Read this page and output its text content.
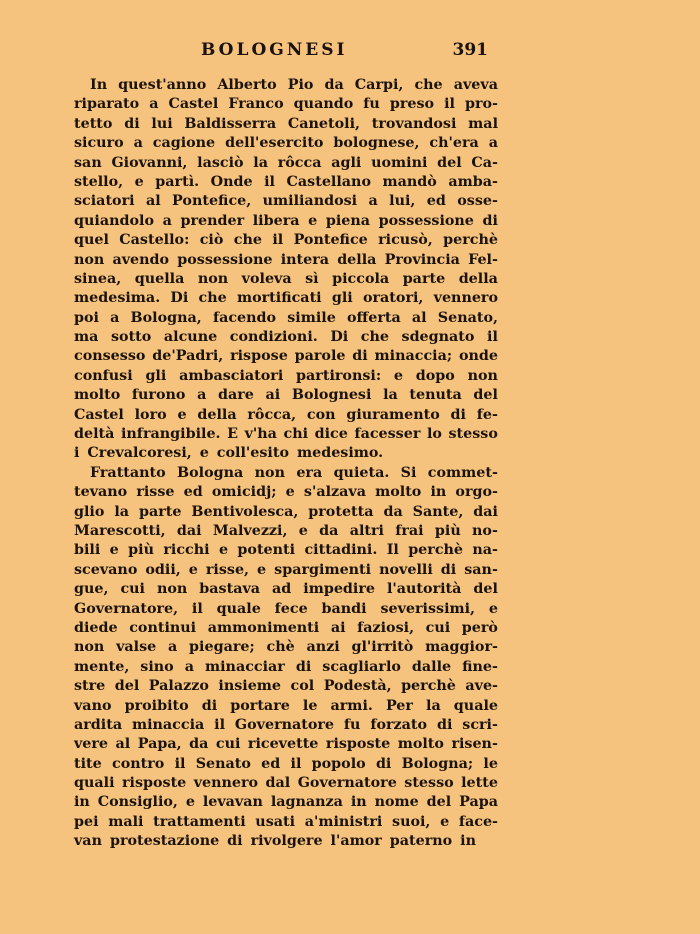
BOLOGNESI	391
In quest'anno Alberto Pio da Carpi, che aveva
riparato a Castel Franco quando fu preso il pro-
tetto di lui Baldisserra Canetoli, trovandosi mal
sicuro a cagione dell'esercito bolognese, ch'era a
san Giovanni, lasciò la rôcca agli uomini del Ca-
stello, e partì. Onde il Castellano mandò amba-
sciatori al Pontefice, umiliandosi a lui, ed osse-
quiandolo a prender libera e piena possessione di
quel Castello: ciò che il Pontefice ricusò, perchè
non avendo possessione intera della Provincia Fel-
sinea, quella non voleva sì piccola parte della
medesima. Di che mortificati gli oratori, vennero
poi a Bologna, facendo simile offerta al Senato,
ma sotto alcune condizioni. Di che sdegnato il
consesso de'Padri, rispose parole di minaccia; onde
confusi gli ambasciatori partironsi: e dopo non
molto furono a dare ai Bolognesi la tenuta del
Castel loro e della rôcca, con giuramento di fe-
deltà infrangibile. E v'ha chi dice facesser lo stesso
i Crevalcoresi, e coll'esito medesimo.
Frattanto Bologna non era quieta. Si commet-
tevano risse ed omicidj; e s'alzava molto in orgo-
glio la parte Bentivolesca, protetta da Sante, dai
Marescotti, dai Malvezzi, e da altri frai più no-
bili e più ricchi e potenti cittadini. Il perchè na-
scevano odii, e risse, e spargimenti novelli di san-
gue, cui non bastava ad impedire l'autorità del
Governatore, il quale fece bandi severissimi, e
diede continui ammonimenti ai faziosi, cui però
non valse a piegare; chè anzi gl'irritò maggior-
mente, sino a minacciar di scagliarlo dalle fine-
stre del Palazzo insieme col Podestà, perchè ave-
vano proibito di portare le armi. Per la quale
ardita minaccia il Governatore fu forzato di scri-
vere al Papa, da cui ricevette risposte molto risen-
tite contro il Senato ed il popolo di Bologna; le
quali risposte vennero dal Governatore stesso lette
in Consiglio, e levavan lagnanza in nome del Papa
pei mali trattamenti usati a'ministri suoi, e face-
van protestazione di rivolgere l'amor paterno in
